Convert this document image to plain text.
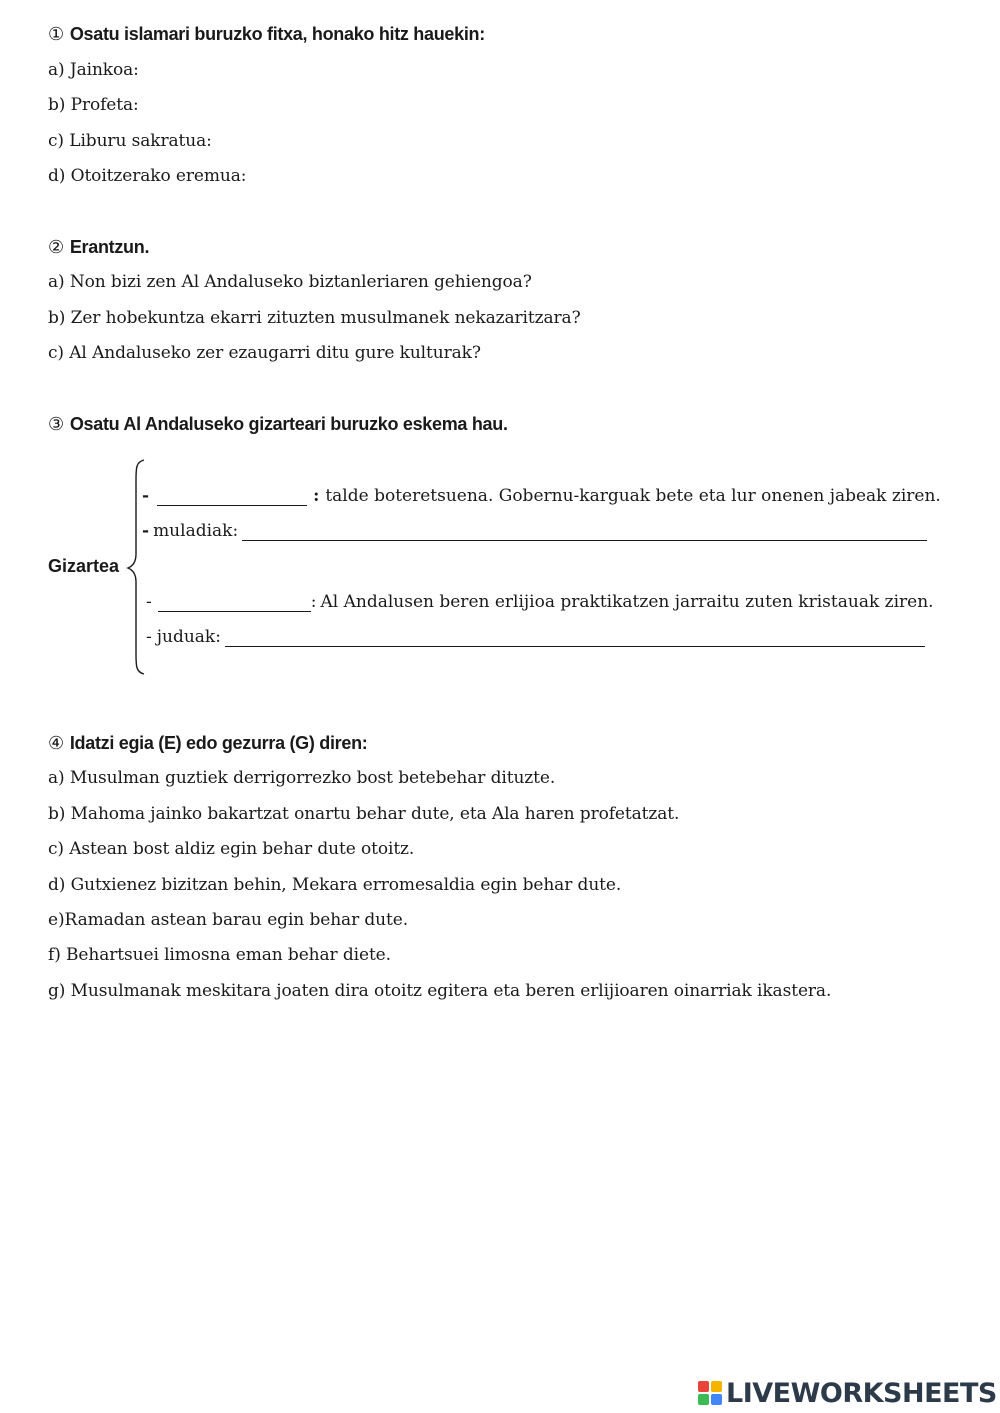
① Osatu islamari buruzko fitxa, honako hitz hauekin:
a) Jainkoa:
b) Profeta:
c) Liburu sakratua:
d) Otoitzerako eremua:
② Erantzun.
a) Non bizi zen Al Andaluseko biztanleriaren gehiengoa?
b) Zer hobekuntza ekarri zituzten musulmanek nekazaritzara?
c) Al Andaluseko zer ezaugarri ditu gure kulturak?
③ Osatu Al Andaluseko gizarteari buruzko eskema hau.
Gizartea
-	: talde boteretsuena. Gobernu-karguak bete eta lur onenen jabeak ziren.
- muladiak:
-	: Al Andalusen beren erlijioa praktikatzen jarraitu zuten kristauak ziren.
- juduak:
④ Idatzi egia (E) edo gezurra (G) diren:
a) Musulman guztiek derrigorrezko bost betebehar dituzte.
b) Mahoma jainko bakartzat onartu behar dute, eta Ala haren profetatzat.
c) Astean bost aldiz egin behar dute otoitz.
d) Gutxienez bizitzan behin, Mekara erromesaldia egin behar dute.
e)Ramadan astean barau egin behar dute.
f) Behartsuei limosna eman behar diete.
g) Musulmanak meskitara joaten dira otoitz egitera eta beren erlijioaren oinarriak ikastera.
LIVEWORKSHEETS
